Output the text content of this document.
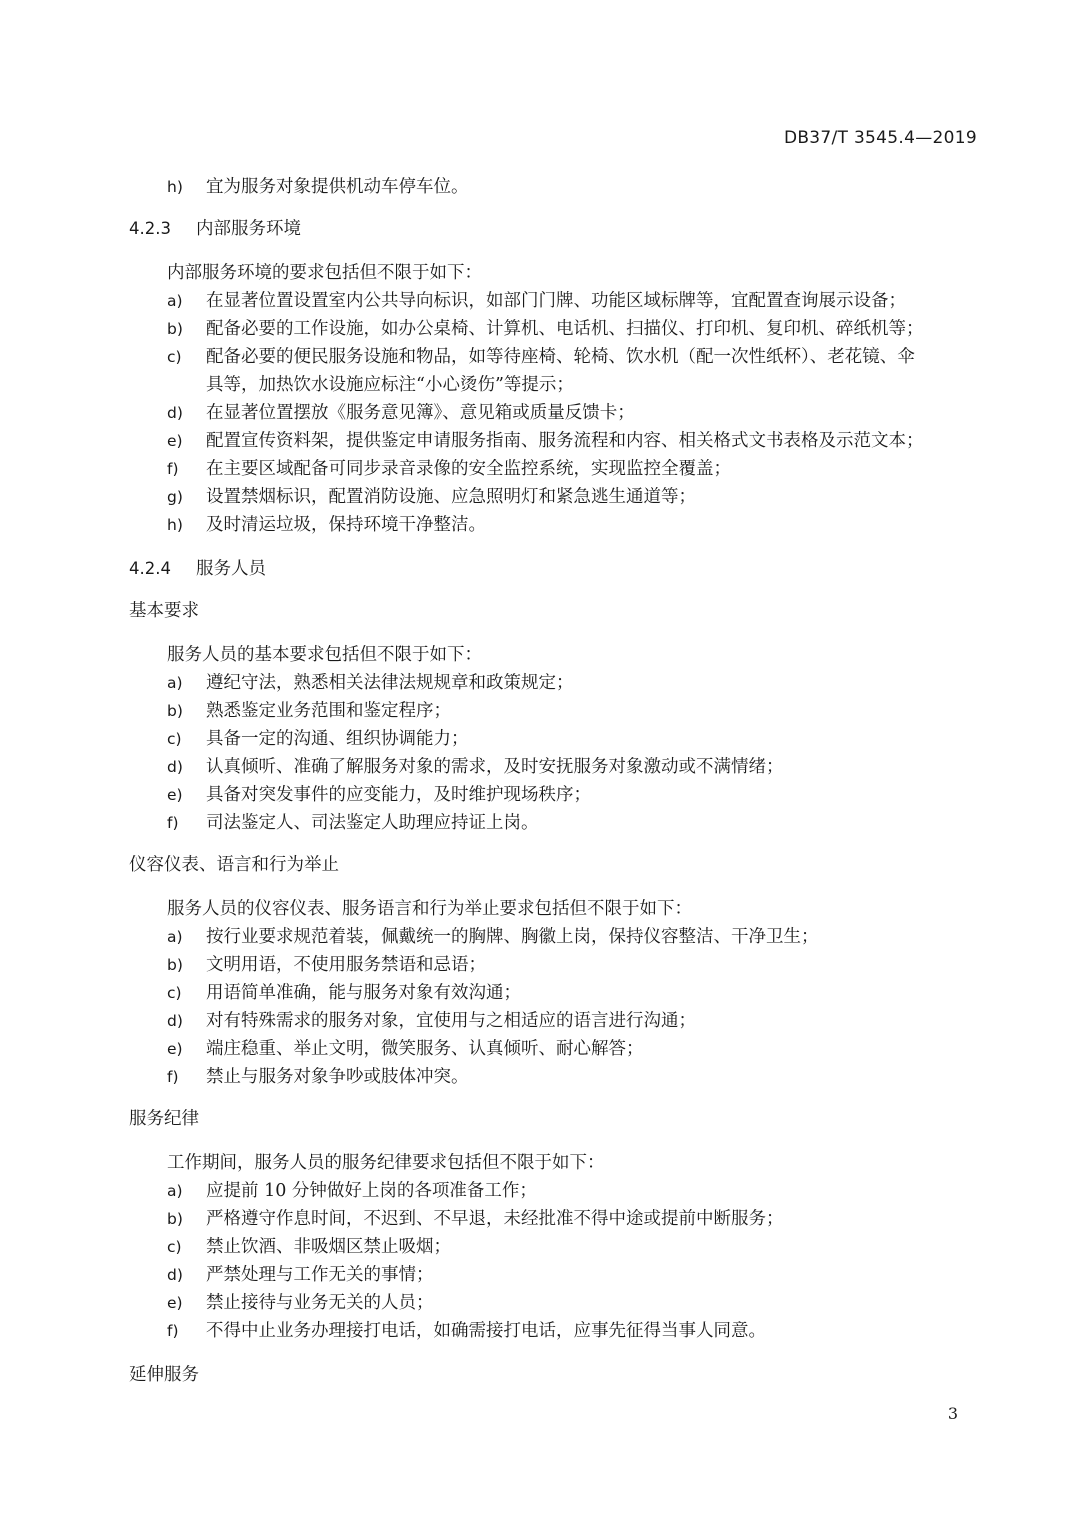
DB37/T 3545.4—2019
h)	宜为服务对象提供机动车停车位。
4.2.3 内部服务环境
内部服务环境的要求包括但不限于如下：
a)	在显著位置设置室内公共导向标识，如部门门牌、功能区域标牌等，宜配置查询展示设备；
b)	配备必要的工作设施，如办公桌椅、计算机、电话机、扫描仪、打印机、复印机、碎纸机等；
c)	配备必要的便民服务设施和物品，如等待座椅、轮椅、饮水机（配一次性纸杯）、老花镜、伞
具等，加热饮水设施应标注“小心烫伤”等提示；
d)	在显著位置摆放《服务意见簿》、意见箱或质量反馈卡；
e)	配置宣传资料架，提供鉴定申请服务指南、服务流程和内容、相关格式文书表格及示范文本；
f)	在主要区域配备可同步录音录像的安全监控系统，实现监控全覆盖；
g)	设置禁烟标识，配置消防设施、应急照明灯和紧急逃生通道等；
h)	及时清运垃圾，保持环境干净整洁。
4.2.4 服务人员
基本要求
服务人员的基本要求包括但不限于如下：
a)	遵纪守法，熟悉相关法律法规规章和政策规定；
b)	熟悉鉴定业务范围和鉴定程序；
c)	具备一定的沟通、组织协调能力；
d)	认真倾听、准确了解服务对象的需求，及时安抚服务对象激动或不满情绪；
e)	具备对突发事件的应变能力，及时维护现场秩序；
f)	司法鉴定人、司法鉴定人助理应持证上岗。
仪容仪表、语言和行为举止
服务人员的仪容仪表、服务语言和行为举止要求包括但不限于如下：
a)	按行业要求规范着装，佩戴统一的胸牌、胸徽上岗，保持仪容整洁、干净卫生；
b)	文明用语，不使用服务禁语和忌语；
c)	用语简单准确，能与服务对象有效沟通；
d)	对有特殊需求的服务对象，宜使用与之相适应的语言进行沟通；
e)	端庄稳重、举止文明，微笑服务、认真倾听、耐心解答；
f)	禁止与服务对象争吵或肢体冲突。
服务纪律
工作期间，服务人员的服务纪律要求包括但不限于如下：
a)	应提前 10 分钟做好上岗的各项准备工作；
b)	严格遵守作息时间，不迟到、不早退，未经批准不得中途或提前中断服务；
c)	禁止饮酒、非吸烟区禁止吸烟；
d)	严禁处理与工作无关的事情；
e)	禁止接待与业务无关的人员；
f)	不得中止业务办理接打电话，如确需接打电话，应事先征得当事人同意。
延伸服务
3
